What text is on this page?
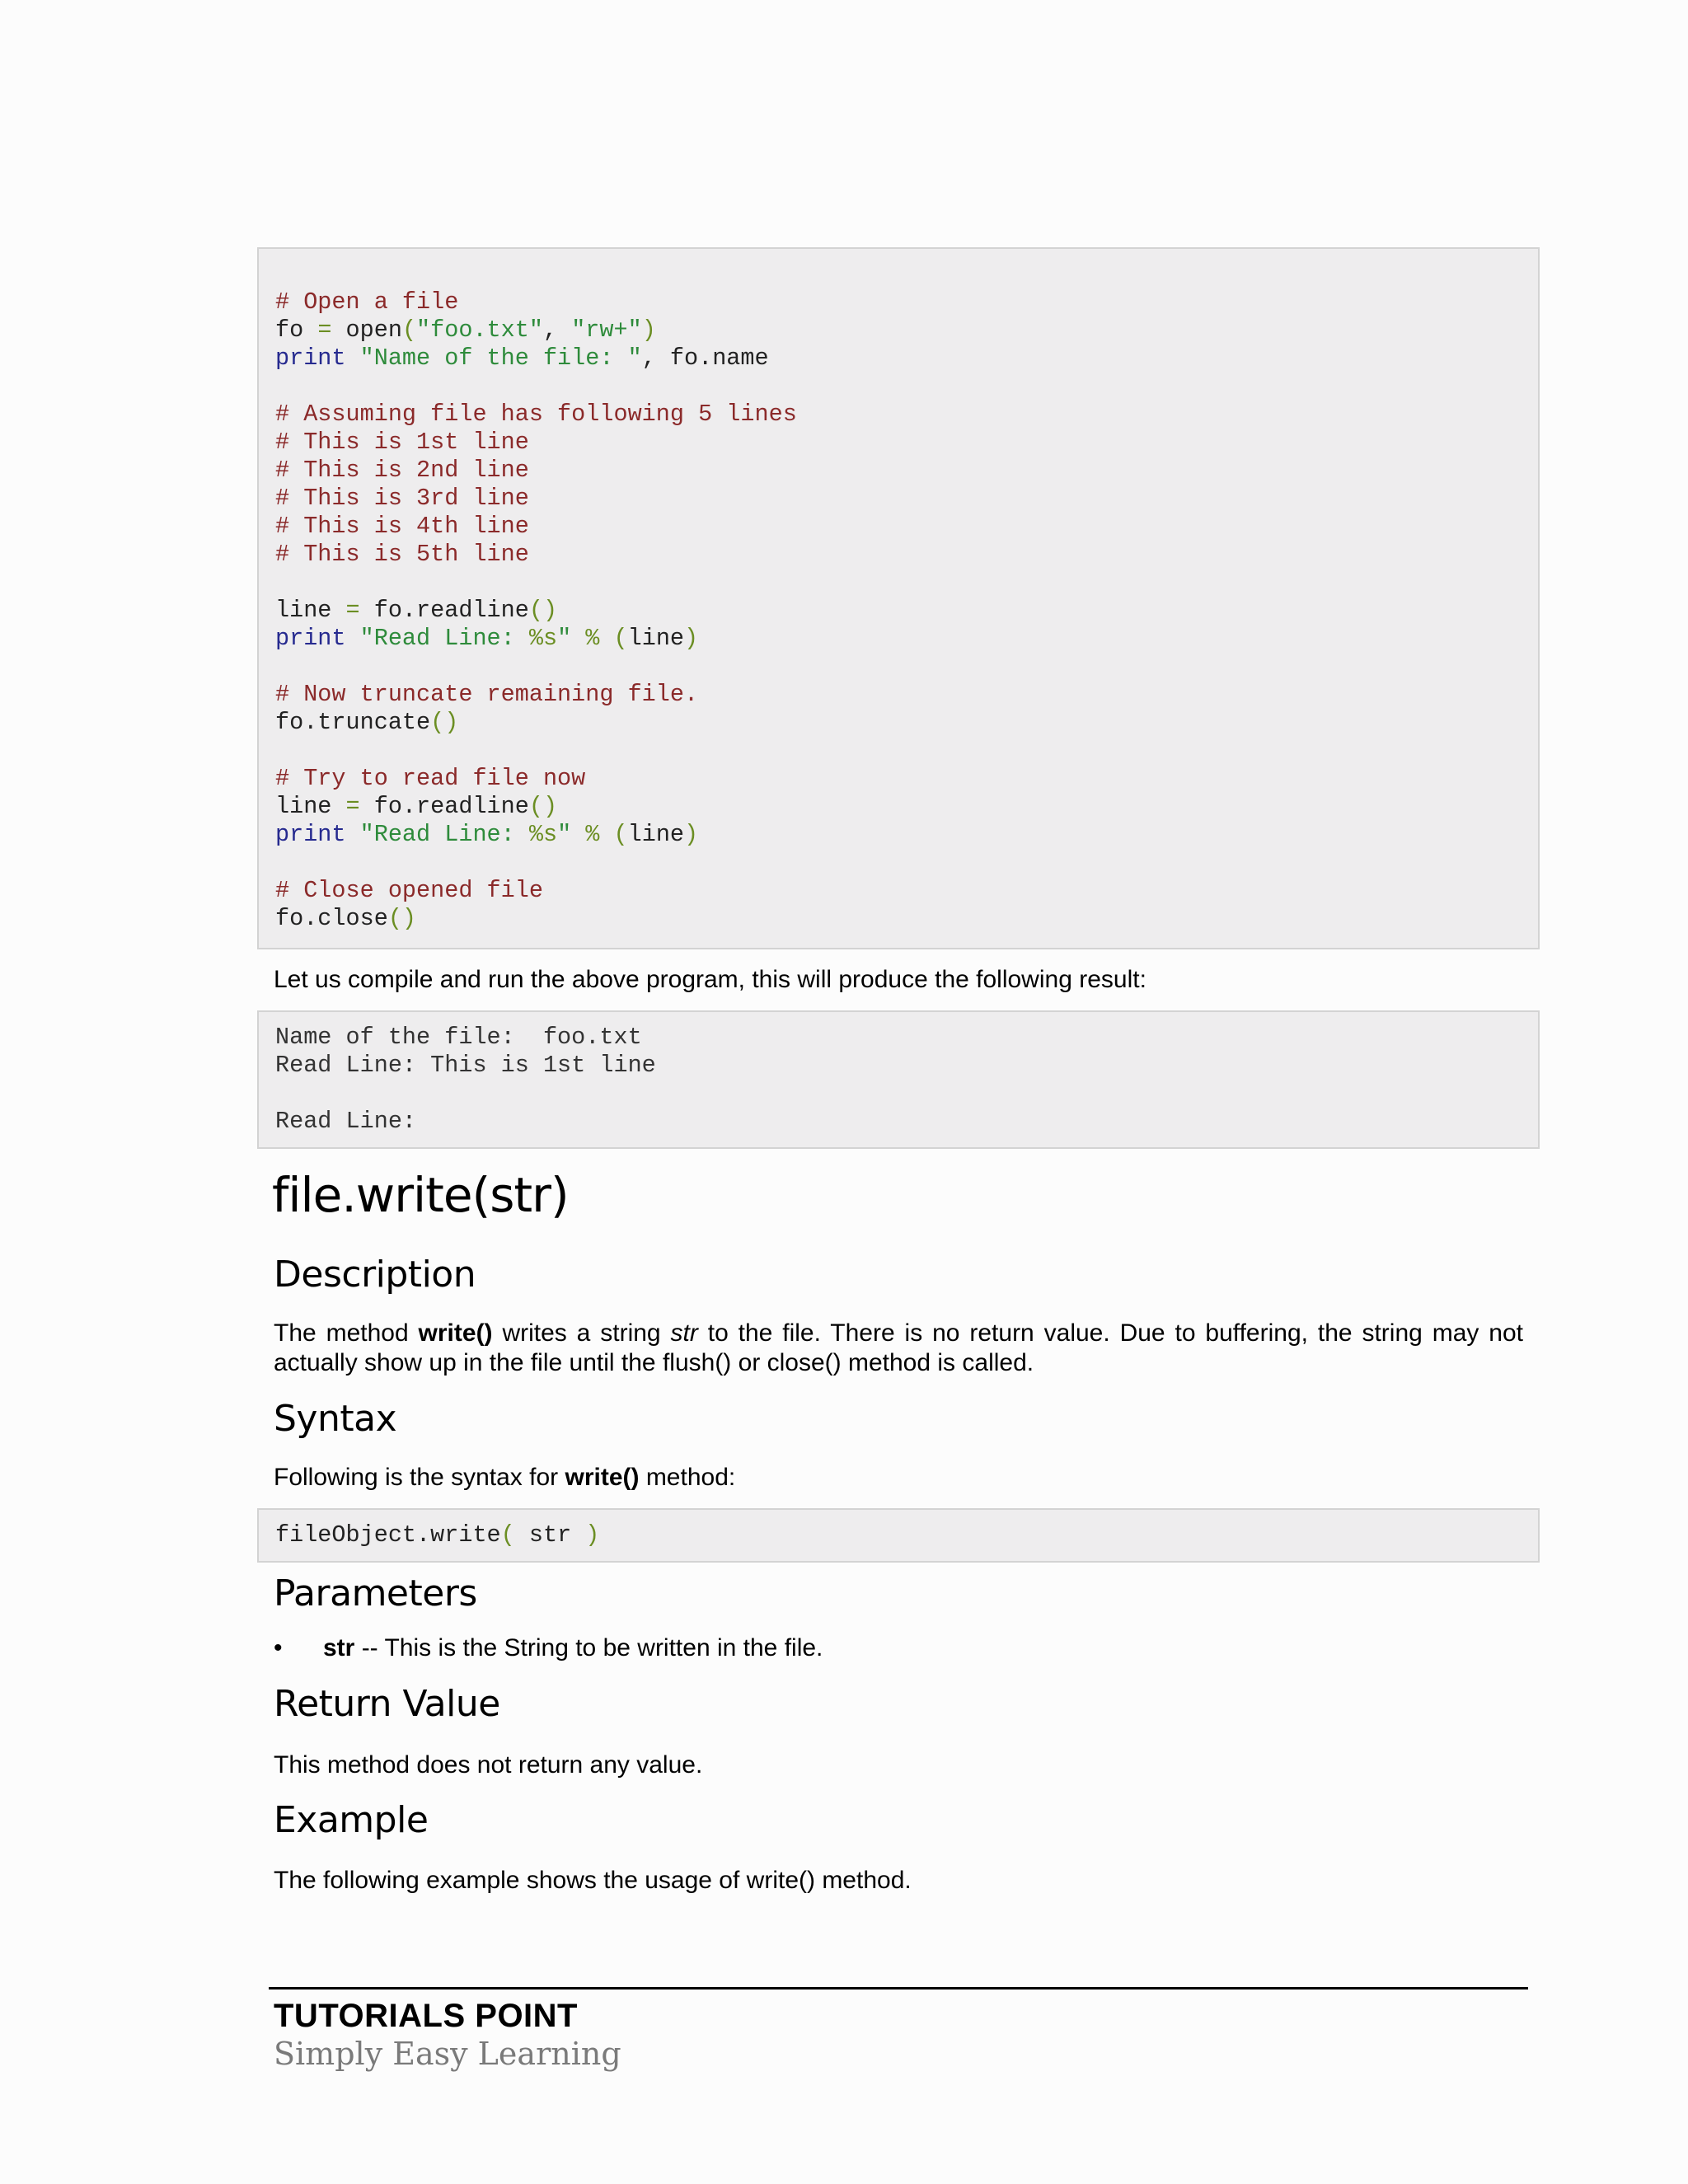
# Open a file
fo = open("foo.txt", "rw+")
print "Name of the file: ", fo.name

# Assuming file has following 5 lines
# This is 1st line
# This is 2nd line
# This is 3rd line
# This is 4th line
# This is 5th line

line = fo.readline()
print "Read Line: %s" % (line)

# Now truncate remaining file.
fo.truncate()

# Try to read file now
line = fo.readline()
print "Read Line: %s" % (line)

# Close opened file
fo.close()

Let us compile and run the above program, this will produce the following result:

Name of the file:  foo.txt
Read Line: This is 1st line

Read Line:
file.write(str)
Description

The method write() writes a string str to the file. There is no return value. Due to buffering, the string may not actually show up in the file until the flush() or close() method is called.

Syntax

Following is the syntax for write() method:

fileObject.write( str )
Parameters
• str -- This is the String to be written in the file.
Return Value

This method does not return any value.

Example

The following example shows the usage of write() method.

TUTORIALS POINT

Simply Easy Learning
